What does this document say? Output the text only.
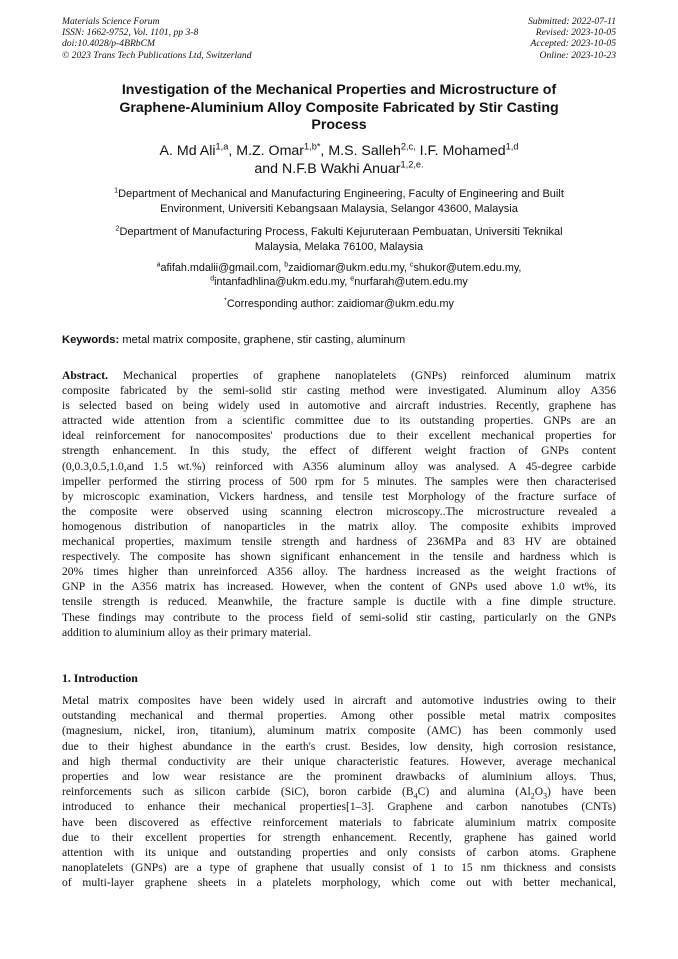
Materials Science Forum
ISSN: 1662-9752, Vol. 1101, pp 3-8
doi:10.4028/p-4BRbCM
© 2023 Trans Tech Publications Ltd, Switzerland
Submitted: 2022-07-11
Revised: 2023-10-05
Accepted: 2023-10-05
Online: 2023-10-23
Investigation of the Mechanical Properties and Microstructure of
Graphene-Aluminium Alloy Composite Fabricated by Stir Casting
Process
A. Md Ali$^{1,a}$, M.Z. Omar$^{1,b*}$, M.S. Salleh$^{2,c,}$ I.F. Mohamed$^{1,d}$
and N.F.B Wakhi Anuar$^{1,2,e.}$
$^1$Department of Mechanical and Manufacturing Engineering, Faculty of Engineering and Built
Environment, Universiti Kebangsaan Malaysia, Selangor 43600, Malaysia
$^2$Department of Manufacturing Process, Fakulti Kejuruteraan Pembuatan, Universiti Teknikal
Malaysia, Melaka 76100, Malaysia
$^a$afifah.mdalii@gmail.com, $^b$zaidiomar@ukm.edu.my, $^c$shukor@utem.edu.my,
$^d$intanfadhlina@ukm.edu.my, $^e$nurfarah@utem.edu.my
*Corresponding author: zaidiomar@ukm.edu.my
Keywords: metal matrix composite, graphene, stir casting, aluminum
Abstract. Mechanical properties of graphene nanoplatelets (GNPs) reinforced aluminum matrix
composite fabricated by the semi-solid stir casting method were investigated. Aluminum alloy A356
is selected based on being widely used in automotive and aircraft industries. Recently, graphene has
attracted wide attention from a scientific committee due to its outstanding properties. GNPs are an
ideal reinforcement for nanocomposites' productions due to their excellent mechanical properties for
strength enhancement. In this study, the effect of different weight fraction of GNPs content
(0,0.3,0.5,1.0,and 1.5 wt.%) reinforced with A356 aluminum alloy was analysed. A 45-degree carbide
impeller performed the stirring process of 500 rpm for 5 minutes. The samples were then characterised
by microscopic examination, Vickers hardness, and tensile test Morphology of the fracture surface of
the composite were observed using scanning electron microscopy..The microstructure revealed a
homogenous distribution of nanoparticles in the matrix alloy. The composite exhibits improved
mechanical properties, maximum tensile strength and hardness of 236MPa and 83 HV are obtained
respectively. The composite has shown significant enhancement in the tensile and hardness which is
20% times higher than unreinforced A356 alloy. The hardness increased as the weight fractions of
GNP in the A356 matrix has increased. However, when the content of GNPs used above 1.0 wt%, its
tensile strength is reduced. Meanwhile, the fracture sample is ductile with a fine dimple structure.
These findings may contribute to the process field of semi-solid stir casting, particularly on the GNPs
addition to aluminium alloy as their primary material.
1. Introduction
Metal matrix composites have been widely used in aircraft and automotive industries owing to their
outstanding mechanical and thermal properties. Among other possible metal matrix composites
(magnesium, nickel, iron, titanium), aluminum matrix composite (AMC) has been commonly used
due to their highest abundance in the earth's crust. Besides, low density, high corrosion resistance,
and high thermal conductivity are their unique characteristic features. However, average mechanical
properties and low wear resistance are the prominent drawbacks of aluminium alloys. Thus,
reinforcements such as silicon carbide (SiC), boron carbide $(B_4C)$ and alumina $(Al_2O_3)$ have been
introduced to enhance their mechanical properties[1–3]. Graphene and carbon nanotubes (CNTs)
have been discovered as effective reinforcement materials to fabricate aluminium matrix composite
due to their excellent properties for strength enhancement. Recently, graphene has gained world
attention with its unique and outstanding properties and only consists of carbon atoms. Graphene
nanoplatelets (GNPs) are a type of graphene that usually consist of 1 to 15 nm thickness and consists
of multi-layer graphene sheets in a platelets morphology, which come out with better mechanical,
